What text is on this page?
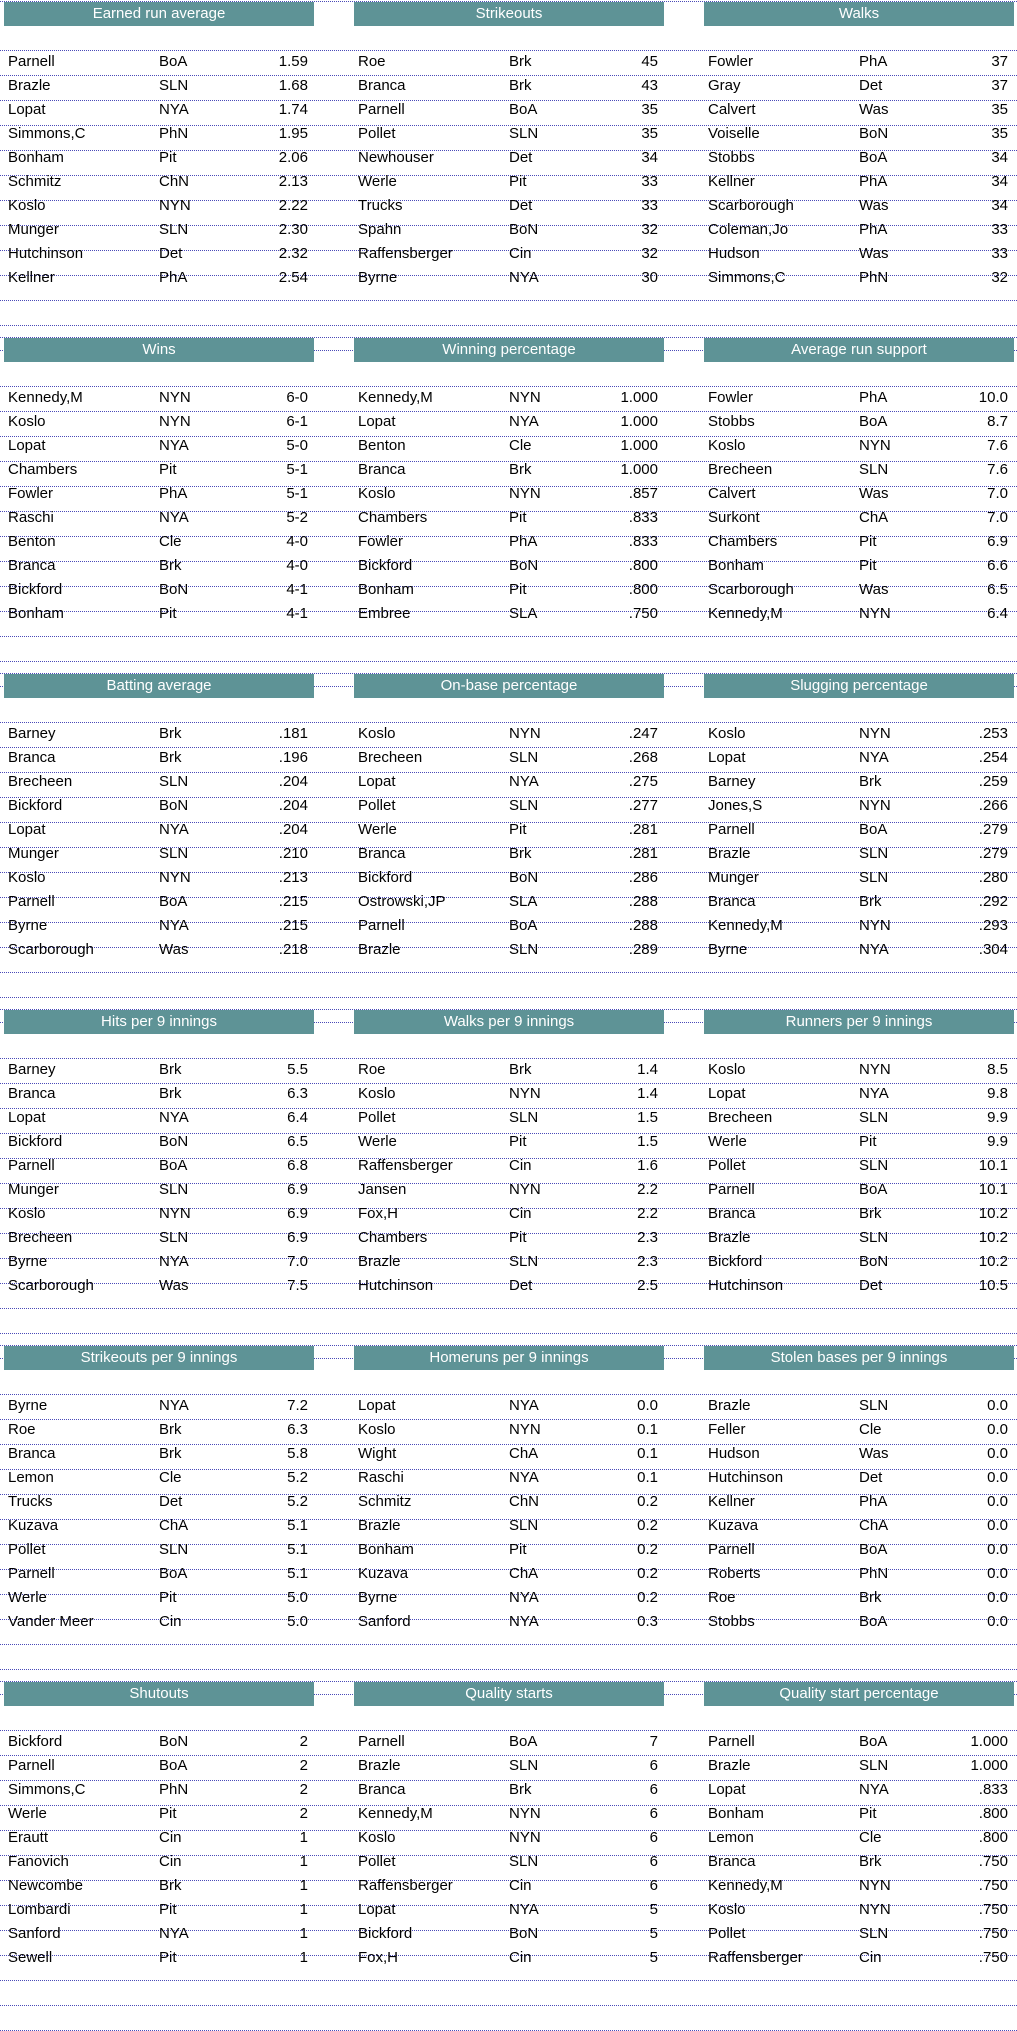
Earned run average	Strikeouts	Walks
Parnell	BoA	1.59	Roe	Brk	45	Fowler	PhA	37
Brazle	SLN	1.68	Branca	Brk	43	Gray	Det	37
Lopat	NYA	1.74	Parnell	BoA	35	Calvert	Was	35
Simmons,C	PhN	1.95	Pollet	SLN	35	Voiselle	BoN	35
Bonham	Pit	2.06	Newhouser	Det	34	Stobbs	BoA	34
Schmitz	ChN	2.13	Werle	Pit	33	Kellner	PhA	34
Koslo	NYN	2.22	Trucks	Det	33	Scarborough	Was	34
Munger	SLN	2.30	Spahn	BoN	32	Coleman,Jo	PhA	33
Hutchinson	Det	2.32	Raffensberger	Cin	32	Hudson	Was	33
Kellner	PhA	2.54	Byrne	NYA	30	Simmons,C	PhN	32
Wins	Winning percentage	Average run support
Kennedy,M	NYN	6-0	Kennedy,M	NYN	1.000	Fowler	PhA	10.0
Koslo	NYN	6-1	Lopat	NYA	1.000	Stobbs	BoA	8.7
Lopat	NYA	5-0	Benton	Cle	1.000	Koslo	NYN	7.6
Chambers	Pit	5-1	Branca	Brk	1.000	Brecheen	SLN	7.6
Fowler	PhA	5-1	Koslo	NYN	.857	Calvert	Was	7.0
Raschi	NYA	5-2	Chambers	Pit	.833	Surkont	ChA	7.0
Benton	Cle	4-0	Fowler	PhA	.833	Chambers	Pit	6.9
Branca	Brk	4-0	Bickford	BoN	.800	Bonham	Pit	6.6
Bickford	BoN	4-1	Bonham	Pit	.800	Scarborough	Was	6.5
Bonham	Pit	4-1	Embree	SLA	.750	Kennedy,M	NYN	6.4
Batting average	On-base percentage	Slugging percentage
Barney	Brk	.181	Koslo	NYN	.247	Koslo	NYN	.253
Branca	Brk	.196	Brecheen	SLN	.268	Lopat	NYA	.254
Brecheen	SLN	.204	Lopat	NYA	.275	Barney	Brk	.259
Bickford	BoN	.204	Pollet	SLN	.277	Jones,S	NYN	.266
Lopat	NYA	.204	Werle	Pit	.281	Parnell	BoA	.279
Munger	SLN	.210	Branca	Brk	.281	Brazle	SLN	.279
Koslo	NYN	.213	Bickford	BoN	.286	Munger	SLN	.280
Parnell	BoA	.215	Ostrowski,JP	SLA	.288	Branca	Brk	.292
Byrne	NYA	.215	Parnell	BoA	.288	Kennedy,M	NYN	.293
Scarborough	Was	.218	Brazle	SLN	.289	Byrne	NYA	.304
Hits per 9 innings	Walks per 9 innings	Runners per 9 innings
Barney	Brk	5.5	Roe	Brk	1.4	Koslo	NYN	8.5
Branca	Brk	6.3	Koslo	NYN	1.4	Lopat	NYA	9.8
Lopat	NYA	6.4	Pollet	SLN	1.5	Brecheen	SLN	9.9
Bickford	BoN	6.5	Werle	Pit	1.5	Werle	Pit	9.9
Parnell	BoA	6.8	Raffensberger	Cin	1.6	Pollet	SLN	10.1
Munger	SLN	6.9	Jansen	NYN	2.2	Parnell	BoA	10.1
Koslo	NYN	6.9	Fox,H	Cin	2.2	Branca	Brk	10.2
Brecheen	SLN	6.9	Chambers	Pit	2.3	Brazle	SLN	10.2
Byrne	NYA	7.0	Brazle	SLN	2.3	Bickford	BoN	10.2
Scarborough	Was	7.5	Hutchinson	Det	2.5	Hutchinson	Det	10.5
Strikeouts per 9 innings	Homeruns per 9 innings	Stolen bases per 9 innings
Byrne	NYA	7.2	Lopat	NYA	0.0	Brazle	SLN	0.0
Roe	Brk	6.3	Koslo	NYN	0.1	Feller	Cle	0.0
Branca	Brk	5.8	Wight	ChA	0.1	Hudson	Was	0.0
Lemon	Cle	5.2	Raschi	NYA	0.1	Hutchinson	Det	0.0
Trucks	Det	5.2	Schmitz	ChN	0.2	Kellner	PhA	0.0
Kuzava	ChA	5.1	Brazle	SLN	0.2	Kuzava	ChA	0.0
Pollet	SLN	5.1	Bonham	Pit	0.2	Parnell	BoA	0.0
Parnell	BoA	5.1	Kuzava	ChA	0.2	Roberts	PhN	0.0
Werle	Pit	5.0	Byrne	NYA	0.2	Roe	Brk	0.0
Vander Meer	Cin	5.0	Sanford	NYA	0.3	Stobbs	BoA	0.0
Shutouts	Quality starts	Quality start percentage
Bickford	BoN	2	Parnell	BoA	7	Parnell	BoA	1.000
Parnell	BoA	2	Brazle	SLN	6	Brazle	SLN	1.000
Simmons,C	PhN	2	Branca	Brk	6	Lopat	NYA	.833
Werle	Pit	2	Kennedy,M	NYN	6	Bonham	Pit	.800
Erautt	Cin	1	Koslo	NYN	6	Lemon	Cle	.800
Fanovich	Cin	1	Pollet	SLN	6	Branca	Brk	.750
Newcombe	Brk	1	Raffensberger	Cin	6	Kennedy,M	NYN	.750
Lombardi	Pit	1	Lopat	NYA	5	Koslo	NYN	.750
Sanford	NYA	1	Bickford	BoN	5	Pollet	SLN	.750
Sewell	Pit	1	Fox,H	Cin	5	Raffensberger	Cin	.750
